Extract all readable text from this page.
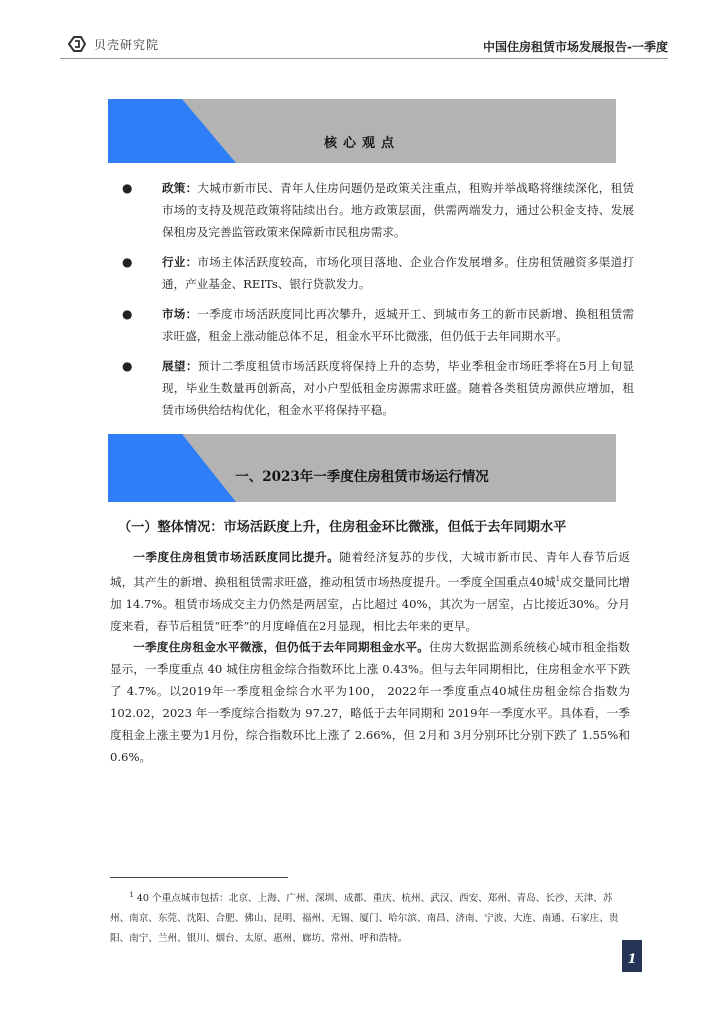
贝壳研究院	中国住房租赁市场发展报告-一季度
核心观点
●	政策：大城市新市民、青年人住房问题仍是政策关注重点，租购并举战略将继续深化，租赁市场的支持及规范政策将陆续出台。地方政策层面，供需两端发力，通过公积金支持、发展保租房及完善监管政策来保障新市民租房需求。
●	行业：市场主体活跃度较高，市场化项目落地、企业合作发展增多。住房租赁融资多渠道打通，产业基金、REITs、银行贷款发力。
●	市场：一季度市场活跃度同比再次攀升，返城开工、到城市务工的新市民新增、换租租赁需求旺盛，租金上涨动能总体不足，租金水平环比微涨，但仍低于去年同期水平。
●	展望：预计二季度租赁市场活跃度将保持上升的态势，毕业季租金市场旺季将在5月上旬显现，毕业生数量再创新高，对小户型低租金房源需求旺盛。随着各类租赁房源供应增加，租赁市场供给结构优化，租金水平将保持平稳。
一、2023年一季度住房租赁市场运行情况
（一）整体情况：市场活跃度上升，住房租金环比微涨，但低于去年同期水平
一季度住房租赁市场活跃度同比提升。随着经济复苏的步伐，大城市新市民、青年人春节后返城，其产生的新增、换租租赁需求旺盛，推动租赁市场热度提升。一季度全国重点40城$^1$成交量同比增加 14.7%。租赁市场成交主力仍然是两居室，占比超过 40%，其次为一居室，占比接近30%。分月度来看，春节后租赁“旺季”的月度峰值在2月显现，相比去年来的更早。
一季度住房租金水平微涨，但仍低于去年同期租金水平。住房大数据监测系统核心城市租金指数显示，一季度重点 40 城住房租金综合指数环比上涨 0.43%。但与去年同期相比，住房租金水平下跌了 4.7%。以2019年一季度租金综合水平为100， 2022年一季度重点40城住房租金综合指数为 102.02，2023 年一季度综合指数为 97.27，略低于去年同期和 2019年一季度水平。具体看，一季度租金上涨主要为1月份，综合指数环比上涨了 2.66%，但 2月和 3月分别环比分别下跌了 1.55%和 0.6%。
$^1$ 40 个重点城市包括：北京、上海、广州、深圳、成都、重庆、杭州、武汉、西安、郑州、青岛、长沙、天津、苏州、南京、东莞、沈阳、合肥、佛山、昆明、福州、无锡、厦门、哈尔滨、南昌、济南、宁波、大连、南通、石家庄、贵阳、南宁、兰州、银川、烟台、太原、惠州、廊坊、常州、呼和浩特。
1
